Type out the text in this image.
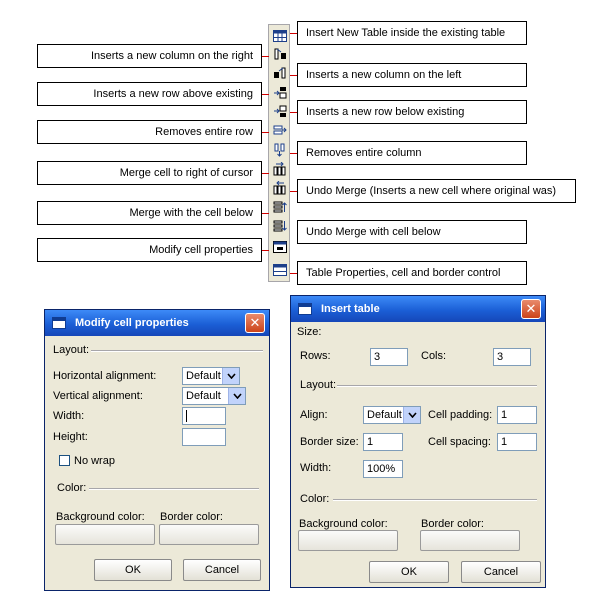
Insert New Table inside the existing table
Inserts a new column on the left
Inserts a new row below existing
Removes entire column
Undo Merge (Inserts a new cell where original was)
Undo Merge with cell below
Table Properties, cell and border control
Inserts a new column on the right
Inserts a new row above existing
Removes entire row
Merge cell to right of cursor
Merge with the cell below
Modify cell properties
Modify cell properties	✕
Layout:
Horizontal alignment:	Default
Vertical alignment:	Default
Width:
Height:
No wrap
Color:
Background color: Border color:
OK	Cancel
Insert table	✕
Size:
Rows:	3	Cols:	3
Layout:
Align:	Default	Cell padding: 1
Border size: 1	Cell spacing: 1
Width:	100%
Color:
Background color:	Border color:
OK	Cancel
